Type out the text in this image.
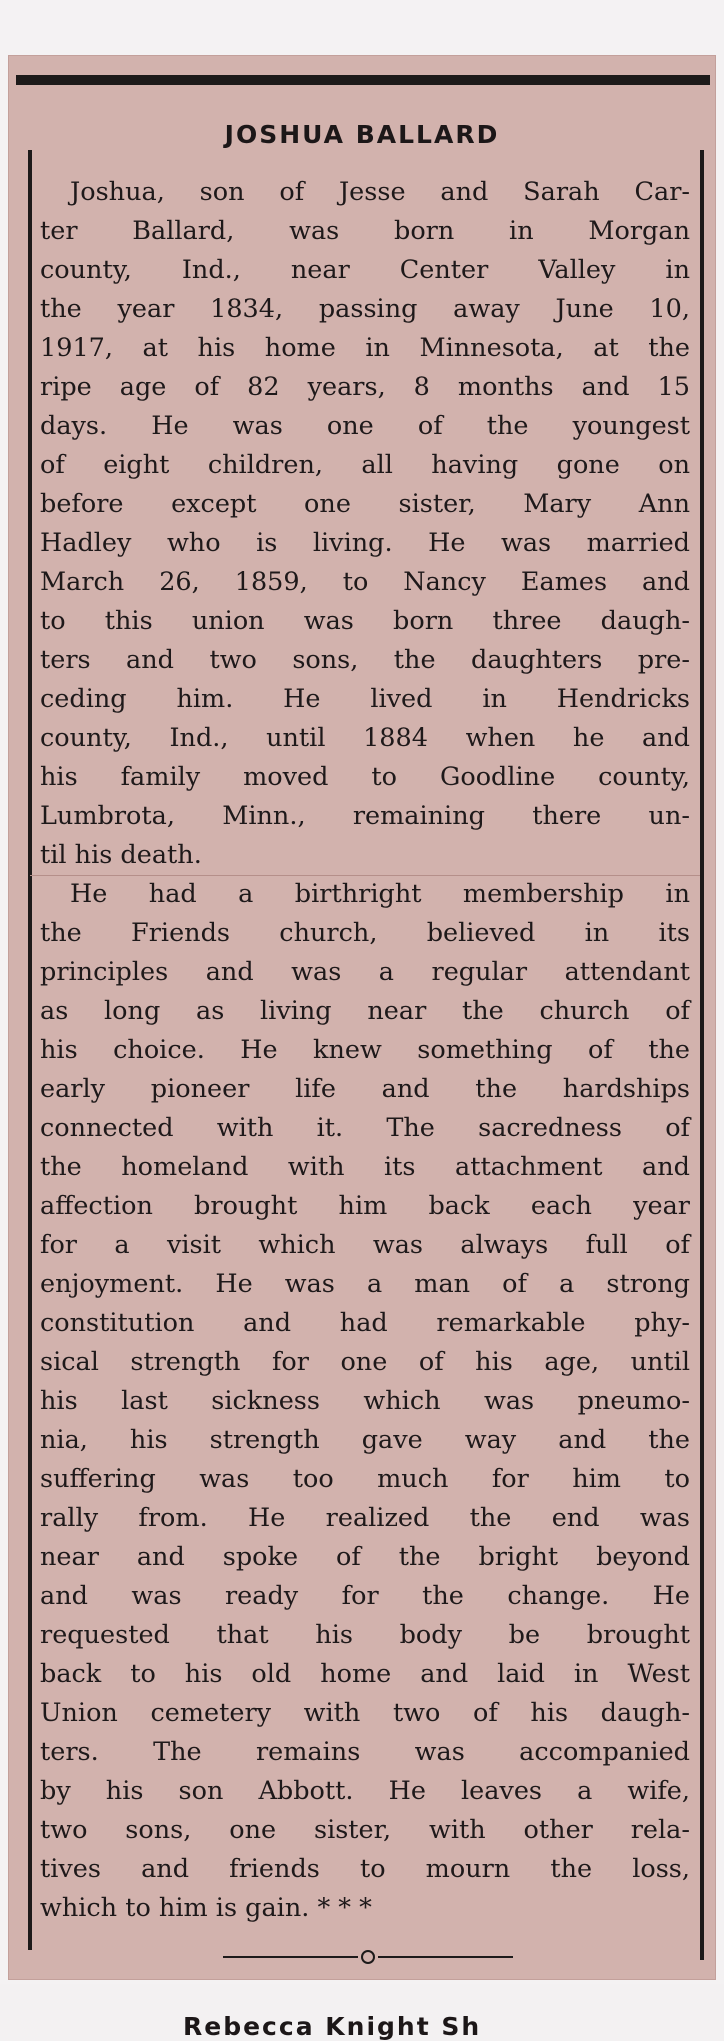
JOSHUA BALLARD
Joshua, son of Jesse and Sarah Car-
ter Ballard, was born in Morgan
county, Ind., near Center Valley in
the year 1834, passing away June 10,
1917, at his home in Minnesota, at the
ripe age of 82 years, 8 months and 15
days. He was one of the youngest
of eight children, all having gone on
before except one sister, Mary Ann
Hadley who is living. He was married
March 26, 1859, to Nancy Eames and
to this union was born three daugh-
ters and two sons, the daughters pre-
ceding him. He lived in Hendricks
county, Ind., until 1884 when he and
his family moved to Goodline county,
Lumbrota, Minn., remaining there un-
til his death.
He had a birthright membership in
the Friends church, believed in its
principles and was a regular attendant
as long as living near the church of
his choice. He knew something of the
early pioneer life and the hardships
connected with it. The sacredness of
the homeland with its attachment and
affection brought him back each year
for a visit which was always full of
enjoyment. He was a man of a strong
constitution and had remarkable phy-
sical strength for one of his age, until
his last sickness which was pneumo-
nia, his strength gave way and the
suffering was too much for him to
rally from. He realized the end was
near and spoke of the bright beyond
and was ready for the change. He
requested that his body be brought
back to his old home and laid in West
Union cemetery with two of his daugh-
ters. The remains was accompanied
by his son Abbott. He leaves a wife,
two sons, one sister, with other rela-
tives and friends to mourn the loss,
which to him is gain. * * *
Rebecca Knight Sh
